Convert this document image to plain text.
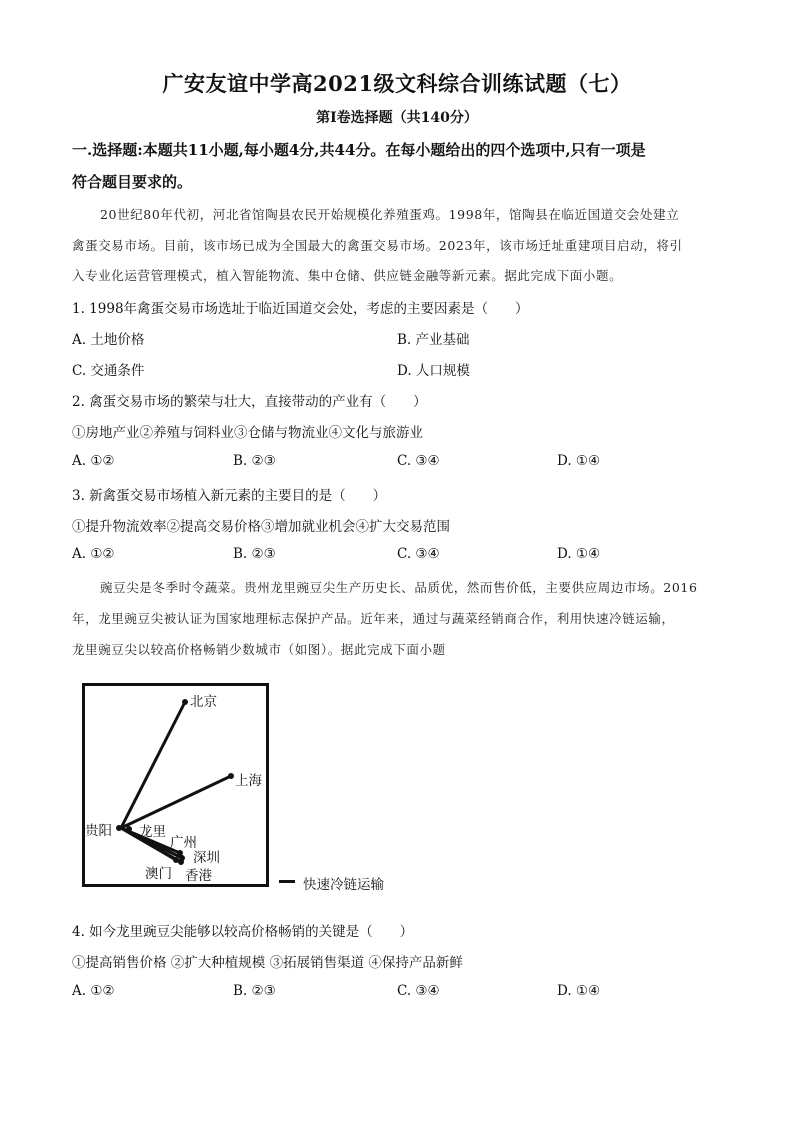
广安友谊中学高2021级文科综合训练试题（七）
第Ⅰ卷选择题（共140分）
一.选择题:本题共11小题,每小题4分,共44分。在每小题给出的四个选项中,只有一项是
符合题目要求的。
20世纪80年代初，河北省馆陶县农民开始规模化养殖蛋鸡。1998年，馆陶县在临近国道交会处建立
禽蛋交易市场。目前，该市场已成为全国最大的禽蛋交易市场。2023年，该市场迁址重建项目启动，将引
入专业化运营管理模式，植入智能物流、集中仓储、供应链金融等新元素。据此完成下面小题。
1. 1998年禽蛋交易市场选址于临近国道交会处，考虑的主要因素是（　　）
A. 土地价格	B. 产业基础
C. 交通条件	D. 人口规模
2. 禽蛋交易市场的繁荣与壮大，直接带动的产业有（　　）
①房地产业②养殖与饲料业③仓储与物流业④文化与旅游业
A. ①②	B. ②③	C. ③④	D. ①④
3. 新禽蛋交易市场植入新元素的主要目的是（　　）
①提升物流效率②提高交易价格③增加就业机会④扩大交易范围
A. ①②	B. ②③	C. ③④	D. ①④
豌豆尖是冬季时令蔬菜。贵州龙里豌豆尖生产历史长、品质优，然而售价低，主要供应周边市场。2016
年，龙里豌豆尖被认证为国家地理标志保护产品。近年来，通过与蔬菜经销商合作，利用快速冷链运输，
龙里豌豆尖以较高价格畅销少数城市（如图）。据此完成下面小题
北京
上海
贵阳 龙里
广州
深圳
澳门 香港
快速冷链运输
4. 如今龙里豌豆尖能够以较高价格畅销的关键是（　　）
①提高销售价格 ②扩大种植规模 ③拓展销售渠道 ④保持产品新鲜
A. ①②	B. ②③	C. ③④	D. ①④
